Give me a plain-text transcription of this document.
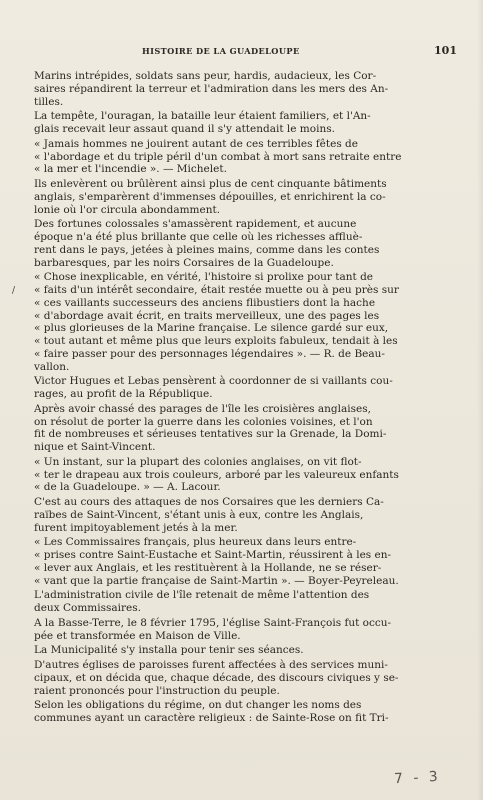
HISTOIRE DE LA GUADELOUPE	101
/
Marins intrépides, soldats sans peur, hardis, audacieux, les Cor-
saires répandirent la terreur et l'admiration dans les mers des An-
tilles.
La tempête, l'ouragan, la bataille leur étaient familiers, et l'An-
glais recevait leur assaut quand il s'y attendait le moins.
« Jamais hommes ne jouirent autant de ces terribles fêtes de
« l'abordage et du triple péril d'un combat à mort sans retraite entre
« la mer et l'incendie ». — Michelet.
Ils enlevèrent ou brûlèrent ainsi plus de cent cinquante bâtiments
anglais, s'emparèrent d'immenses dépouilles, et enrichirent la co-
lonie où l'or circula abondamment.
Des fortunes colossales s'amassèrent rapidement, et aucune
époque n'a été plus brillante que celle où les richesses affluè-
rent dans le pays, jetées à pleines mains, comme dans les contes
barbaresques, par les noirs Corsaires de la Guadeloupe.
« Chose inexplicable, en vérité, l'histoire si prolixe pour tant de
« faits d'un intérêt secondaire, était restée muette ou à peu près sur
« ces vaillants successeurs des anciens flibustiers dont la hache
« d'abordage avait écrit, en traits merveilleux, une des pages les
« plus glorieuses de la Marine française. Le silence gardé sur eux,
« tout autant et même plus que leurs exploits fabuleux, tendait à les
« faire passer pour des personnages légendaires ». — R. de Beau-
vallon.
Victor Hugues et Lebas pensèrent à coordonner de si vaillants cou-
rages, au profit de la République.
Après avoir chassé des parages de l'île les croisières anglaises,
on résolut de porter la guerre dans les colonies voisines, et l'on
fit de nombreuses et sérieuses tentatives sur la Grenade, la Domi-
nique et Saint-Vincent.
« Un instant, sur la plupart des colonies anglaises, on vit flot-
« ter le drapeau aux trois couleurs, arboré par les valeureux enfants
« de la Guadeloupe. » — A. Lacour.
C'est au cours des attaques de nos Corsaires que les derniers Ca-
raïbes de Saint-Vincent, s'étant unis à eux, contre les Anglais,
furent impitoyablement jetés à la mer.
« Les Commissaires français, plus heureux dans leurs entre-
« prises contre Saint-Eustache et Saint-Martin, réussirent à les en-
« lever aux Anglais, et les restituèrent à la Hollande, ne se réser-
« vant que la partie française de Saint-Martin ». — Boyer-Peyreleau.
L'administration civile de l'île retenait de même l'attention des
deux Commissaires.
A la Basse-Terre, le 8 février 1795, l'église Saint-François fut occu-
pée et transformée en Maison de Ville.
La Municipalité s'y installa pour tenir ses séances.
D'autres églises de paroisses furent affectées à des services muni-
cipaux, et on décida que, chaque décade, des discours civiques y se-
raient prononcés pour l'instruction du peuple.
Selon les obligations du régime, on dut changer les noms des
communes ayant un caractère religieux : de Sainte-Rose on fit Tri-
7 - 3
